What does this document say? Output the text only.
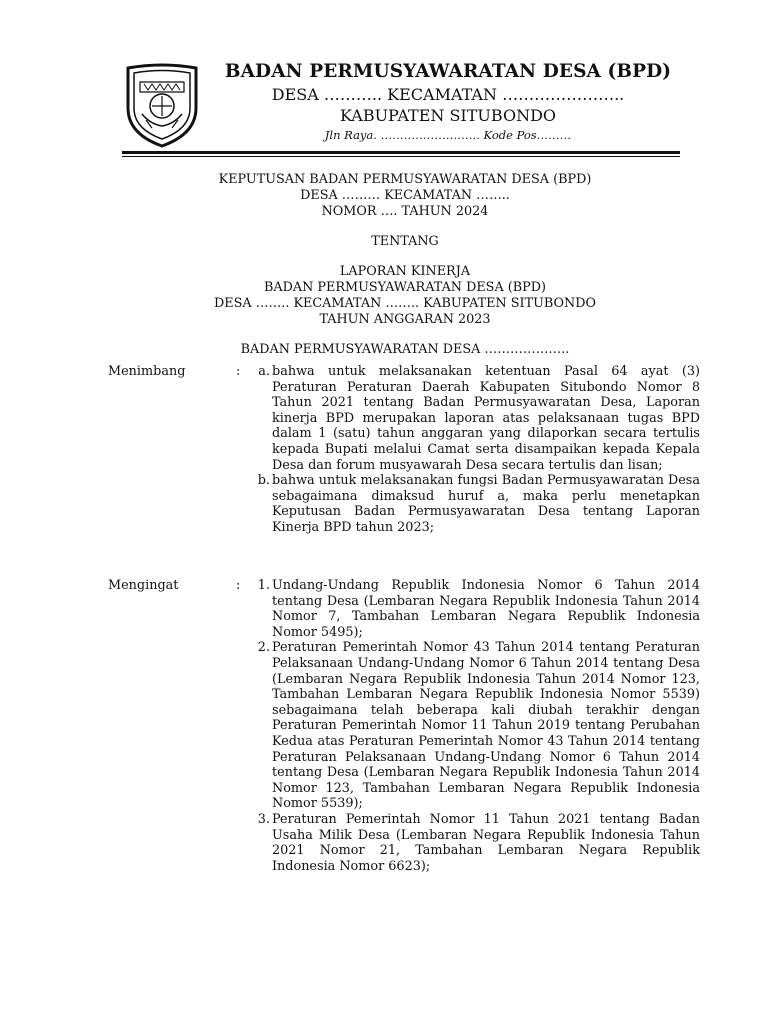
BADAN PERMUSYAWARATAN DESA (BPD)
DESA ……….. KECAMATAN …………………..
KABUPATEN SITUBONDO
Jln Raya. …………………….. Kode Pos………
KEPUTUSAN BADAN PERMUSYAWARATAN DESA (BPD)
DESA ……… KECAMATAN ……..
NOMOR …. TAHUN 2024
TENTANG
LAPORAN KINERJA
BADAN PERMUSYAWARATAN DESA (BPD)
DESA …….. KECAMATAN …….. KABUPATEN SITUBONDO
TAHUN ANGGARAN 2023
BADAN PERMUSYAWARATAN DESA ………………..
Menimbang	:	a. bahwa untuk melaksanakan ketentuan Pasal 64 ayat (3) Peraturan Peraturan Daerah Kabupaten Situbondo Nomor 8 Tahun 2021 tentang Badan Permusyawaratan Desa, Laporan kinerja BPD merupakan laporan atas pelaksanaan tugas BPD dalam 1 (satu) tahun anggaran yang dilaporkan secara tertulis kepada Bupati melalui Camat serta disampaikan kepada Kepala Desa dan forum musyawarah Desa secara tertulis dan lisan;
b. bahwa untuk melaksanakan fungsi Badan Permusyawaratan Desa sebagaimana dimaksud huruf a, maka perlu menetapkan Keputusan Badan Permusyawaratan Desa tentang Laporan Kinerja BPD tahun 2023;
Mengingat	:	1. Undang-Undang Republik Indonesia Nomor 6 Tahun 2014 tentang Desa (Lembaran Negara Republik Indonesia Tahun 2014 Nomor 7, Tambahan Lembaran Negara Republik Indonesia Nomor 5495);
2. Peraturan Pemerintah Nomor 43 Tahun 2014 tentang Peraturan Pelaksanaan Undang-Undang Nomor 6 Tahun 2014 tentang Desa (Lembaran Negara Republik Indonesia Tahun 2014 Nomor 123, Tambahan Lembaran Negara Republik Indonesia Nomor 5539) sebagaimana telah beberapa kali diubah terakhir dengan Peraturan Pemerintah Nomor 11 Tahun 2019 tentang Perubahan Kedua atas Peraturan Pemerintah Nomor 43 Tahun 2014 tentang Peraturan Pelaksanaan Undang-Undang Nomor 6 Tahun 2014 tentang Desa (Lembaran Negara Republik Indonesia Tahun 2014 Nomor 123, Tambahan Lembaran Negara Republik Indonesia Nomor 5539);
3. Peraturan Pemerintah Nomor 11 Tahun 2021 tentang Badan Usaha Milik Desa (Lembaran Negara Republik Indonesia Tahun 2021 Nomor 21, Tambahan Lembaran Negara Republik Indonesia Nomor 6623);
